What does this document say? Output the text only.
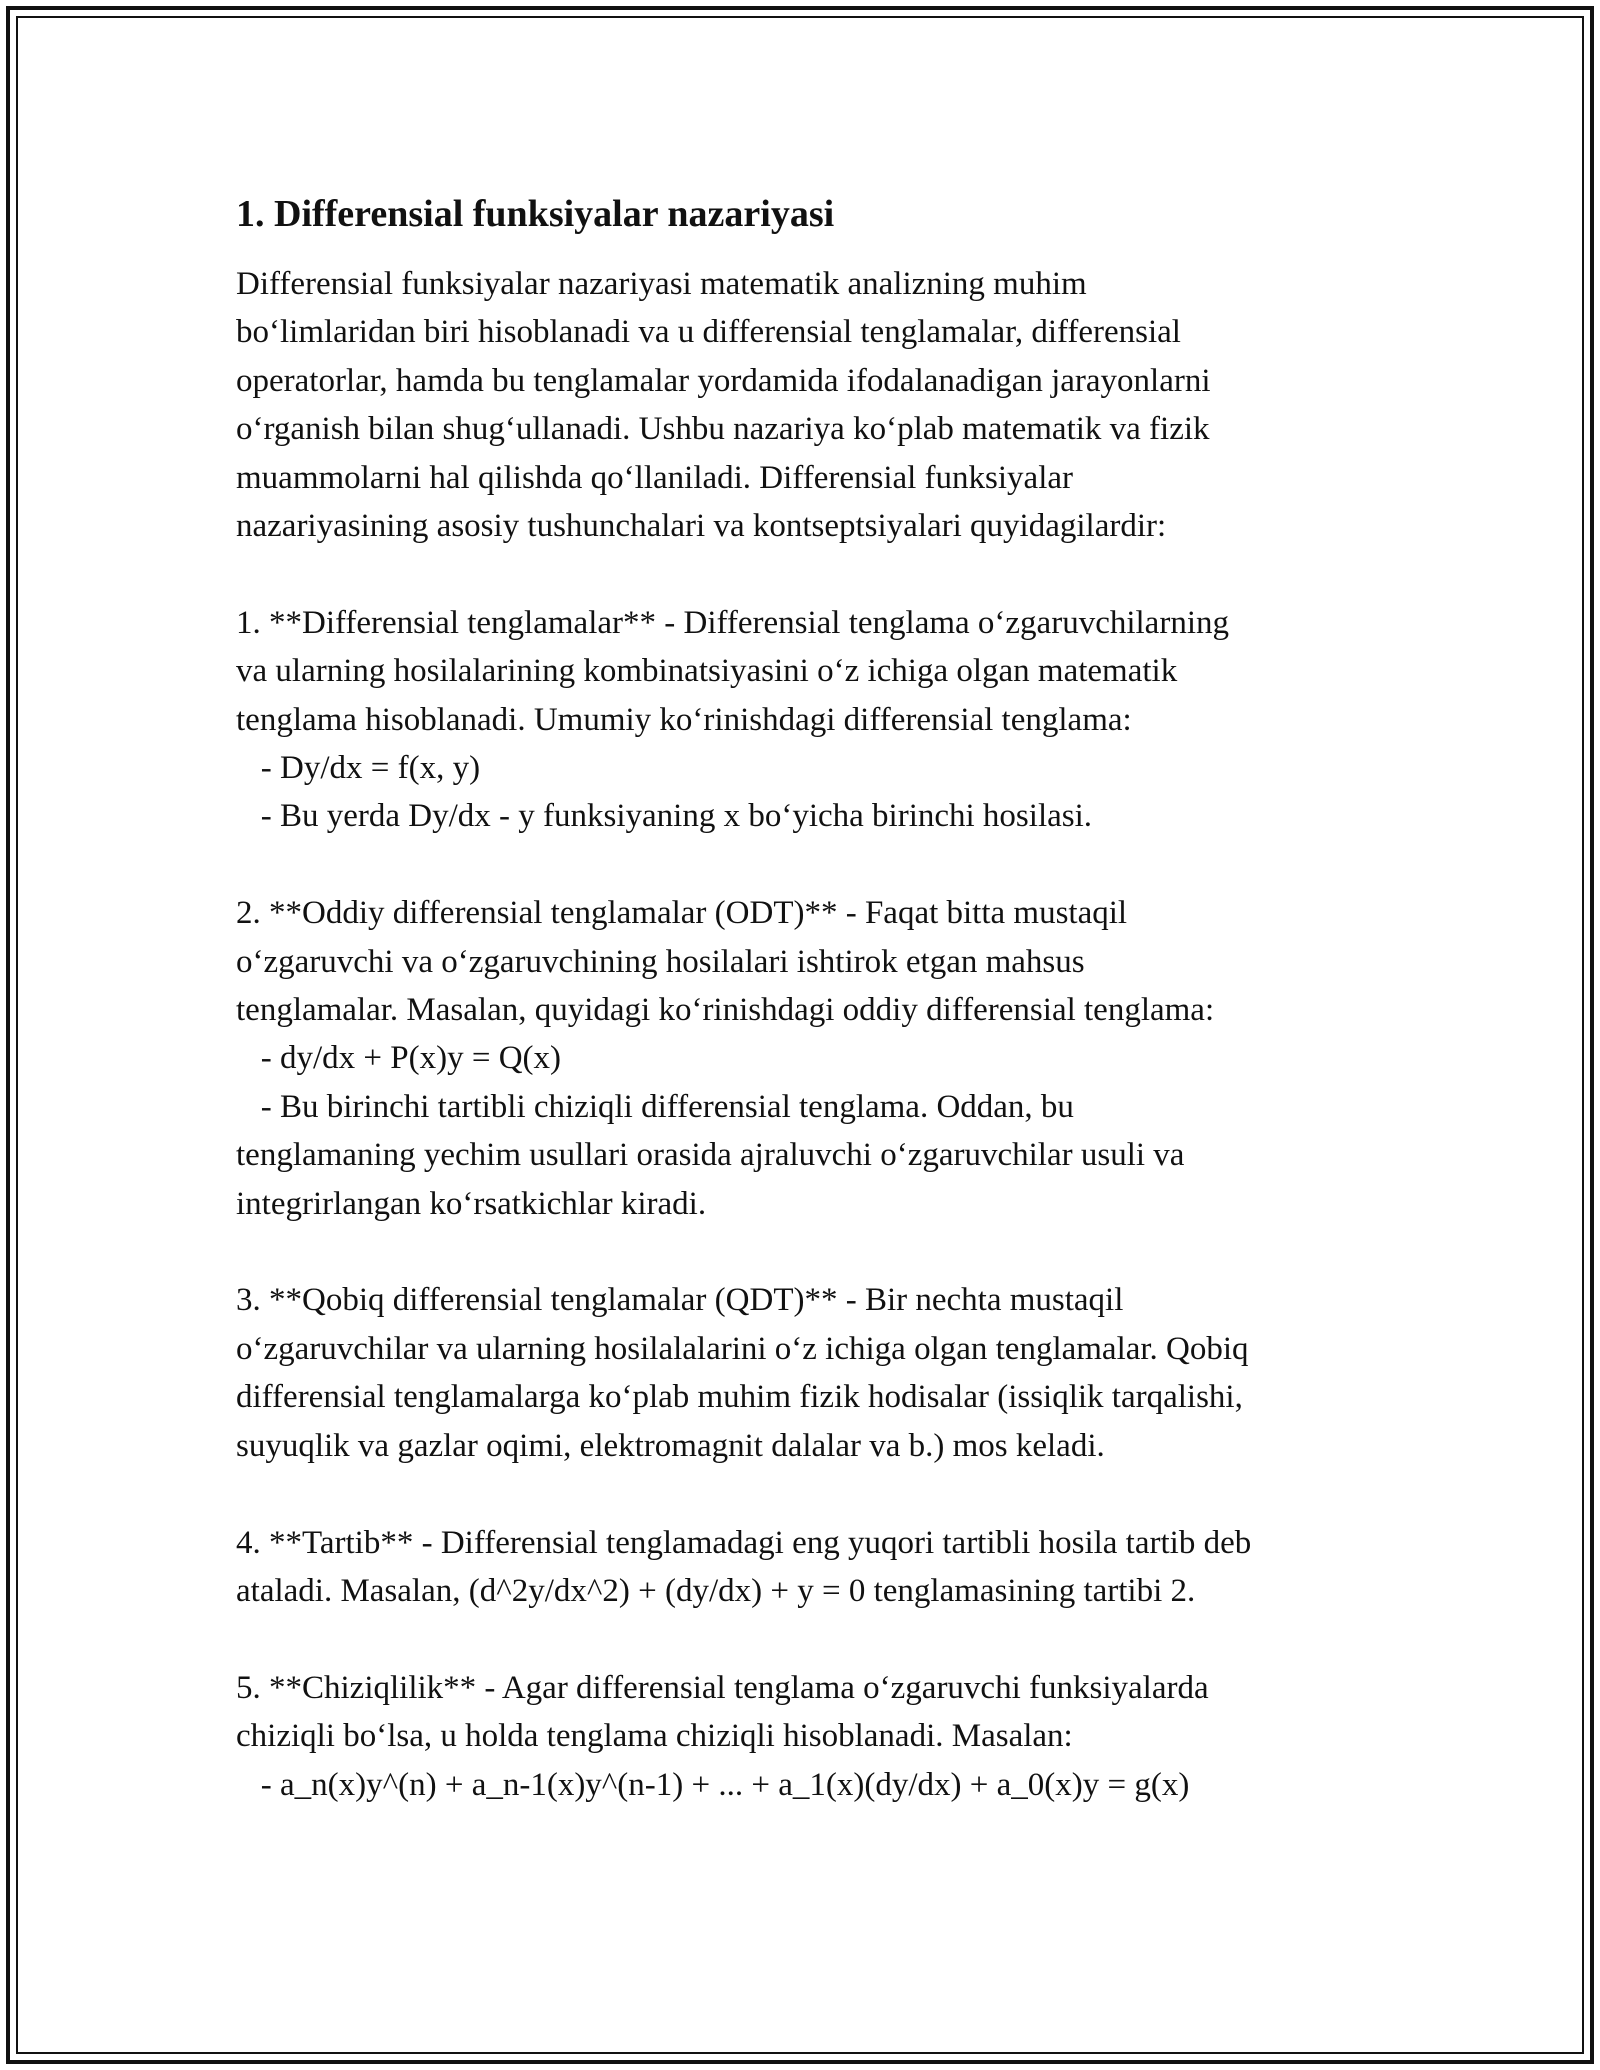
1. Differensial funksiyalar nazariyasi
Differensial funksiyalar nazariyasi matematik analizning muhim
bo‘limlaridan biri hisoblanadi va u differensial tenglamalar, differensial
operatorlar, hamda bu tenglamalar yordamida ifodalanadigan jarayonlarni
o‘rganish bilan shug‘ullanadi. Ushbu nazariya ko‘plab matematik va fizik
muammolarni hal qilishda qo‘llaniladi. Differensial funksiyalar
nazariyasining asosiy tushunchalari va kontseptsiyalari quyidagilardir:
1. **Differensial tenglamalar** - Differensial tenglama o‘zgaruvchilarning
va ularning hosilalarining kombinatsiyasini o‘z ichiga olgan matematik
tenglama hisoblanadi. Umumiy ko‘rinishdagi differensial tenglama:
- Dy/dx = f(x, y)
- Bu yerda Dy/dx - y funksiyaning x bo‘yicha birinchi hosilasi.
2. **Oddiy differensial tenglamalar (ODT)** - Faqat bitta mustaqil
o‘zgaruvchi va o‘zgaruvchining hosilalari ishtirok etgan mahsus
tenglamalar. Masalan, quyidagi ko‘rinishdagi oddiy differensial tenglama:
- dy/dx + P(x)y = Q(x)
- Bu birinchi tartibli chiziqli differensial tenglama. Oddan, bu
tenglamaning yechim usullari orasida ajraluvchi o‘zgaruvchilar usuli va
integrirlangan ko‘rsatkichlar kiradi.
3. **Qobiq differensial tenglamalar (QDT)** - Bir nechta mustaqil
o‘zgaruvchilar va ularning hosilalalarini o‘z ichiga olgan tenglamalar. Qobiq
differensial tenglamalarga ko‘plab muhim fizik hodisalar (issiqlik tarqalishi,
suyuqlik va gazlar oqimi, elektromagnit dalalar va b.) mos keladi.
4. **Tartib** - Differensial tenglamadagi eng yuqori tartibli hosila tartib deb
ataladi. Masalan, (d^2y/dx^2) + (dy/dx) + y = 0 tenglamasining tartibi 2.
5. **Chiziqlilik** - Agar differensial tenglama o‘zgaruvchi funksiyalarda
chiziqli bo‘lsa, u holda tenglama chiziqli hisoblanadi. Masalan:
- a_n(x)y^(n) + a_n-1(x)y^(n-1) + ... + a_1(x)(dy/dx) + a_0(x)y = g(x)
